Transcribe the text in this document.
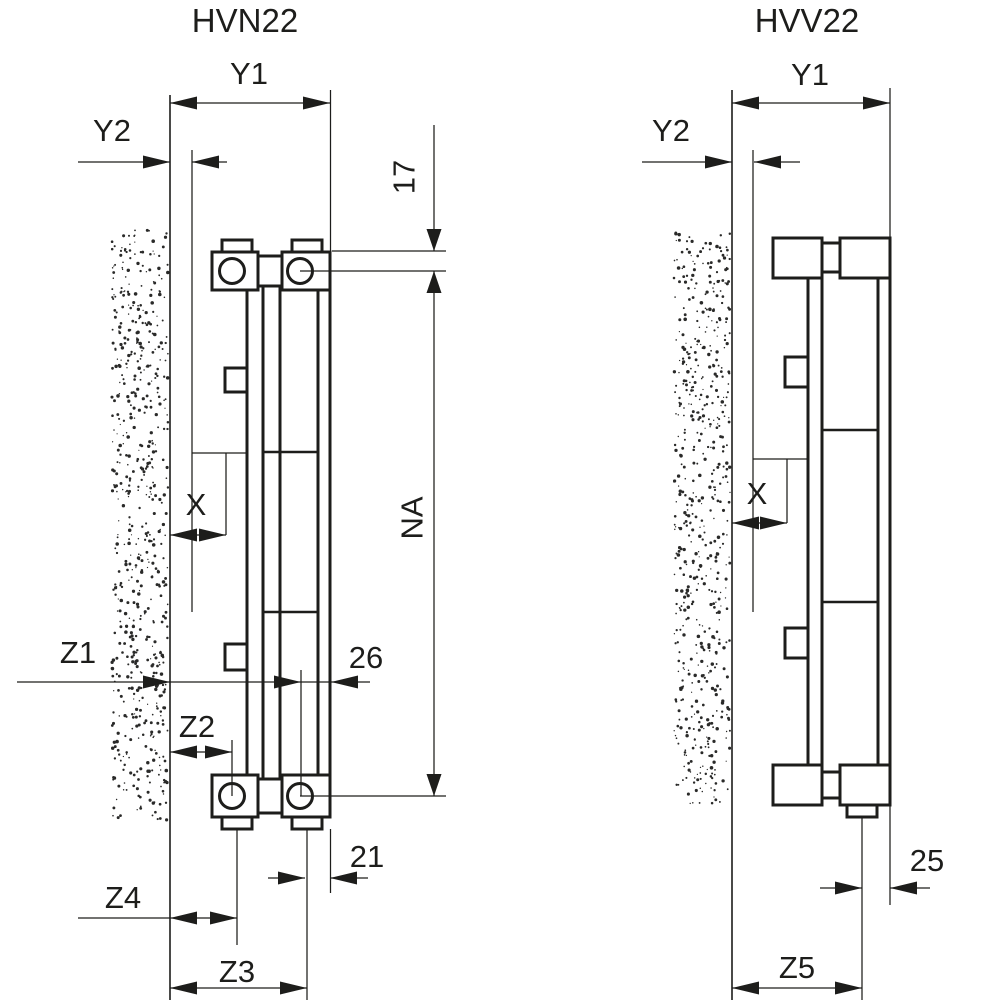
HVN22
Y1
Y2
17
NA
X
Z1	26
Z2
21
Z4
Z3
HVV22
Y1
Y2
X
25
Z5
